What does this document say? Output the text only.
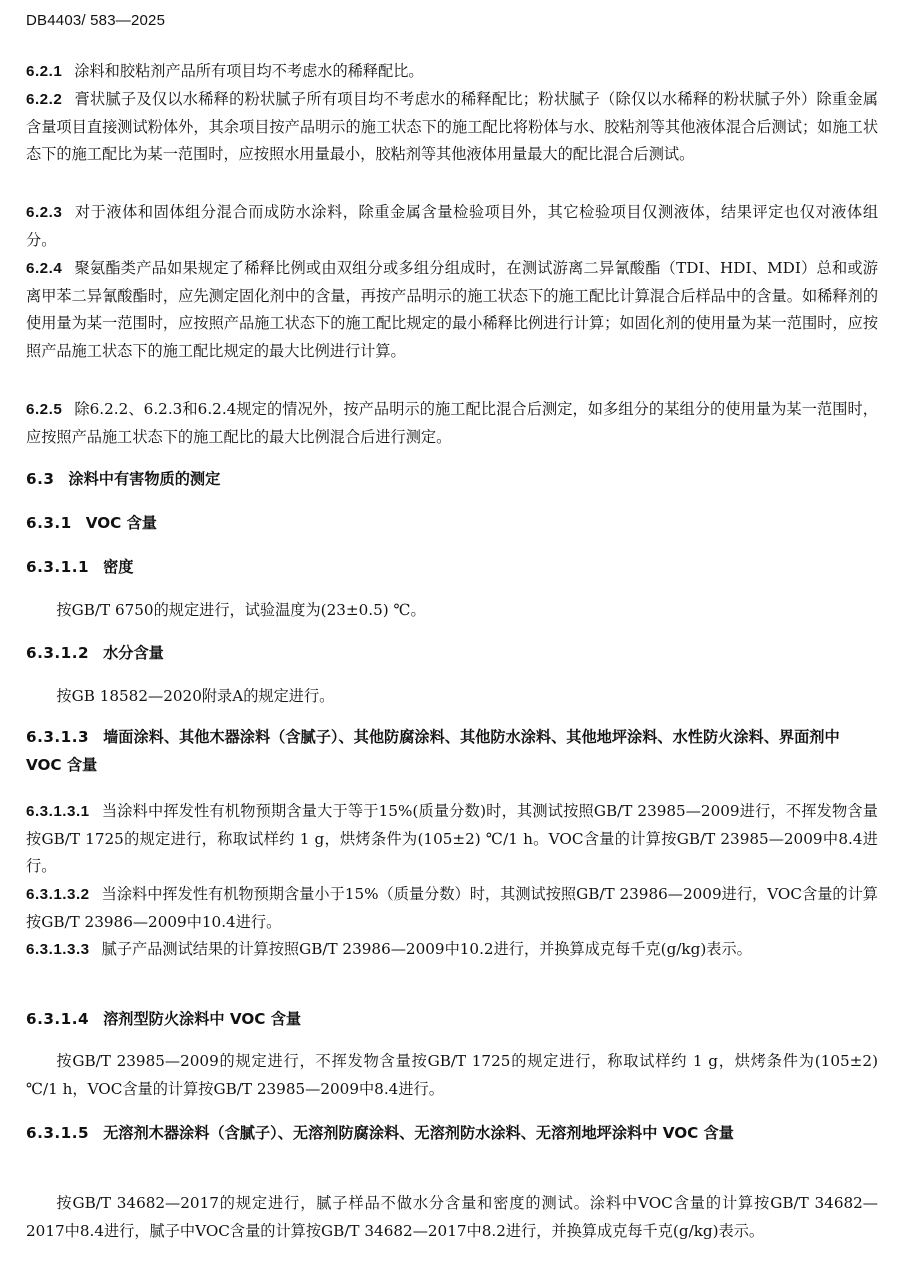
DB4403/ 583—2025
6.2.1 涂料和胶粘剂产品所有项目均不考虑水的稀释配比。
6.2.2 膏状腻子及仅以水稀释的粉状腻子所有项目均不考虑水的稀释配比；粉状腻子（除仅以水稀释的粉状腻子外）除重金属含量项目直接测试粉体外，其余项目按产品明示的施工状态下的施工配比将粉体与水、胶粘剂等其他液体混合后测试；如施工状态下的施工配比为某一范围时，应按照水用量最小，胶粘剂等其他液体用量最大的配比混合后测试。
6.2.3 对于液体和固体组分混合而成防水涂料，除重金属含量检验项目外，其它检验项目仅测液体，结果评定也仅对液体组分。
6.2.4 聚氨酯类产品如果规定了稀释比例或由双组分或多组分组成时，在测试游离二异氰酸酯（TDI、HDI、MDI）总和或游离甲苯二异氰酸酯时，应先测定固化剂中的含量，再按产品明示的施工状态下的施工配比计算混合后样品中的含量。如稀释剂的使用量为某一范围时，应按照产品施工状态下的施工配比规定的最小稀释比例进行计算；如固化剂的使用量为某一范围时，应按照产品施工状态下的施工配比规定的最大比例进行计算。
6.2.5 除6.2.2、6.2.3和6.2.4规定的情况外，按产品明示的施工配比混合后测定，如多组分的某组分的使用量为某一范围时，应按照产品施工状态下的施工配比的最大比例混合后进行测定。
6.3 涂料中有害物质的测定
6.3.1 VOC 含量
6.3.1.1 密度
按GB/T 6750的规定进行，试验温度为(23±0.5) ℃。
6.3.1.2 水分含量
按GB 18582—2020附录A的规定进行。
6.3.1.3 墙面涂料、其他木器涂料（含腻子）、其他防腐涂料、其他防水涂料、其他地坪涂料、水性防火涂料、界面剂中 VOC 含量
6.3.1.3.1 当涂料中挥发性有机物预期含量大于等于15%(质量分数)时，其测试按照GB/T 23985—2009进行，不挥发物含量按GB/T 1725的规定进行，称取试样约 1 g，烘烤条件为(105±2) ℃/1 h。VOC含量的计算按GB/T 23985—2009中8.4进行。
6.3.1.3.2 当涂料中挥发性有机物预期含量小于15%（质量分数）时，其测试按照GB/T 23986—2009进行，VOC含量的计算按GB/T 23986—2009中10.4进行。
6.3.1.3.3 腻子产品测试结果的计算按照GB/T 23986—2009中10.2进行，并换算成克每千克(g/kg)表示。
6.3.1.4 溶剂型防火涂料中 VOC 含量
按GB/T 23985—2009的规定进行，不挥发物含量按GB/T 1725的规定进行，称取试样约 1 g，烘烤条件为(105±2) ℃/1 h，VOC含量的计算按GB/T 23985—2009中8.4进行。
6.3.1.5 无溶剂木器涂料（含腻子）、无溶剂防腐涂料、无溶剂防水涂料、无溶剂地坪涂料中 VOC 含量
按GB/T 34682—2017的规定进行，腻子样品不做水分含量和密度的测试。涂料中VOC含量的计算按GB/T 34682—2017中8.4进行，腻子中VOC含量的计算按GB/T 34682—2017中8.2进行，并换算成克每千克(g/kg)表示。
